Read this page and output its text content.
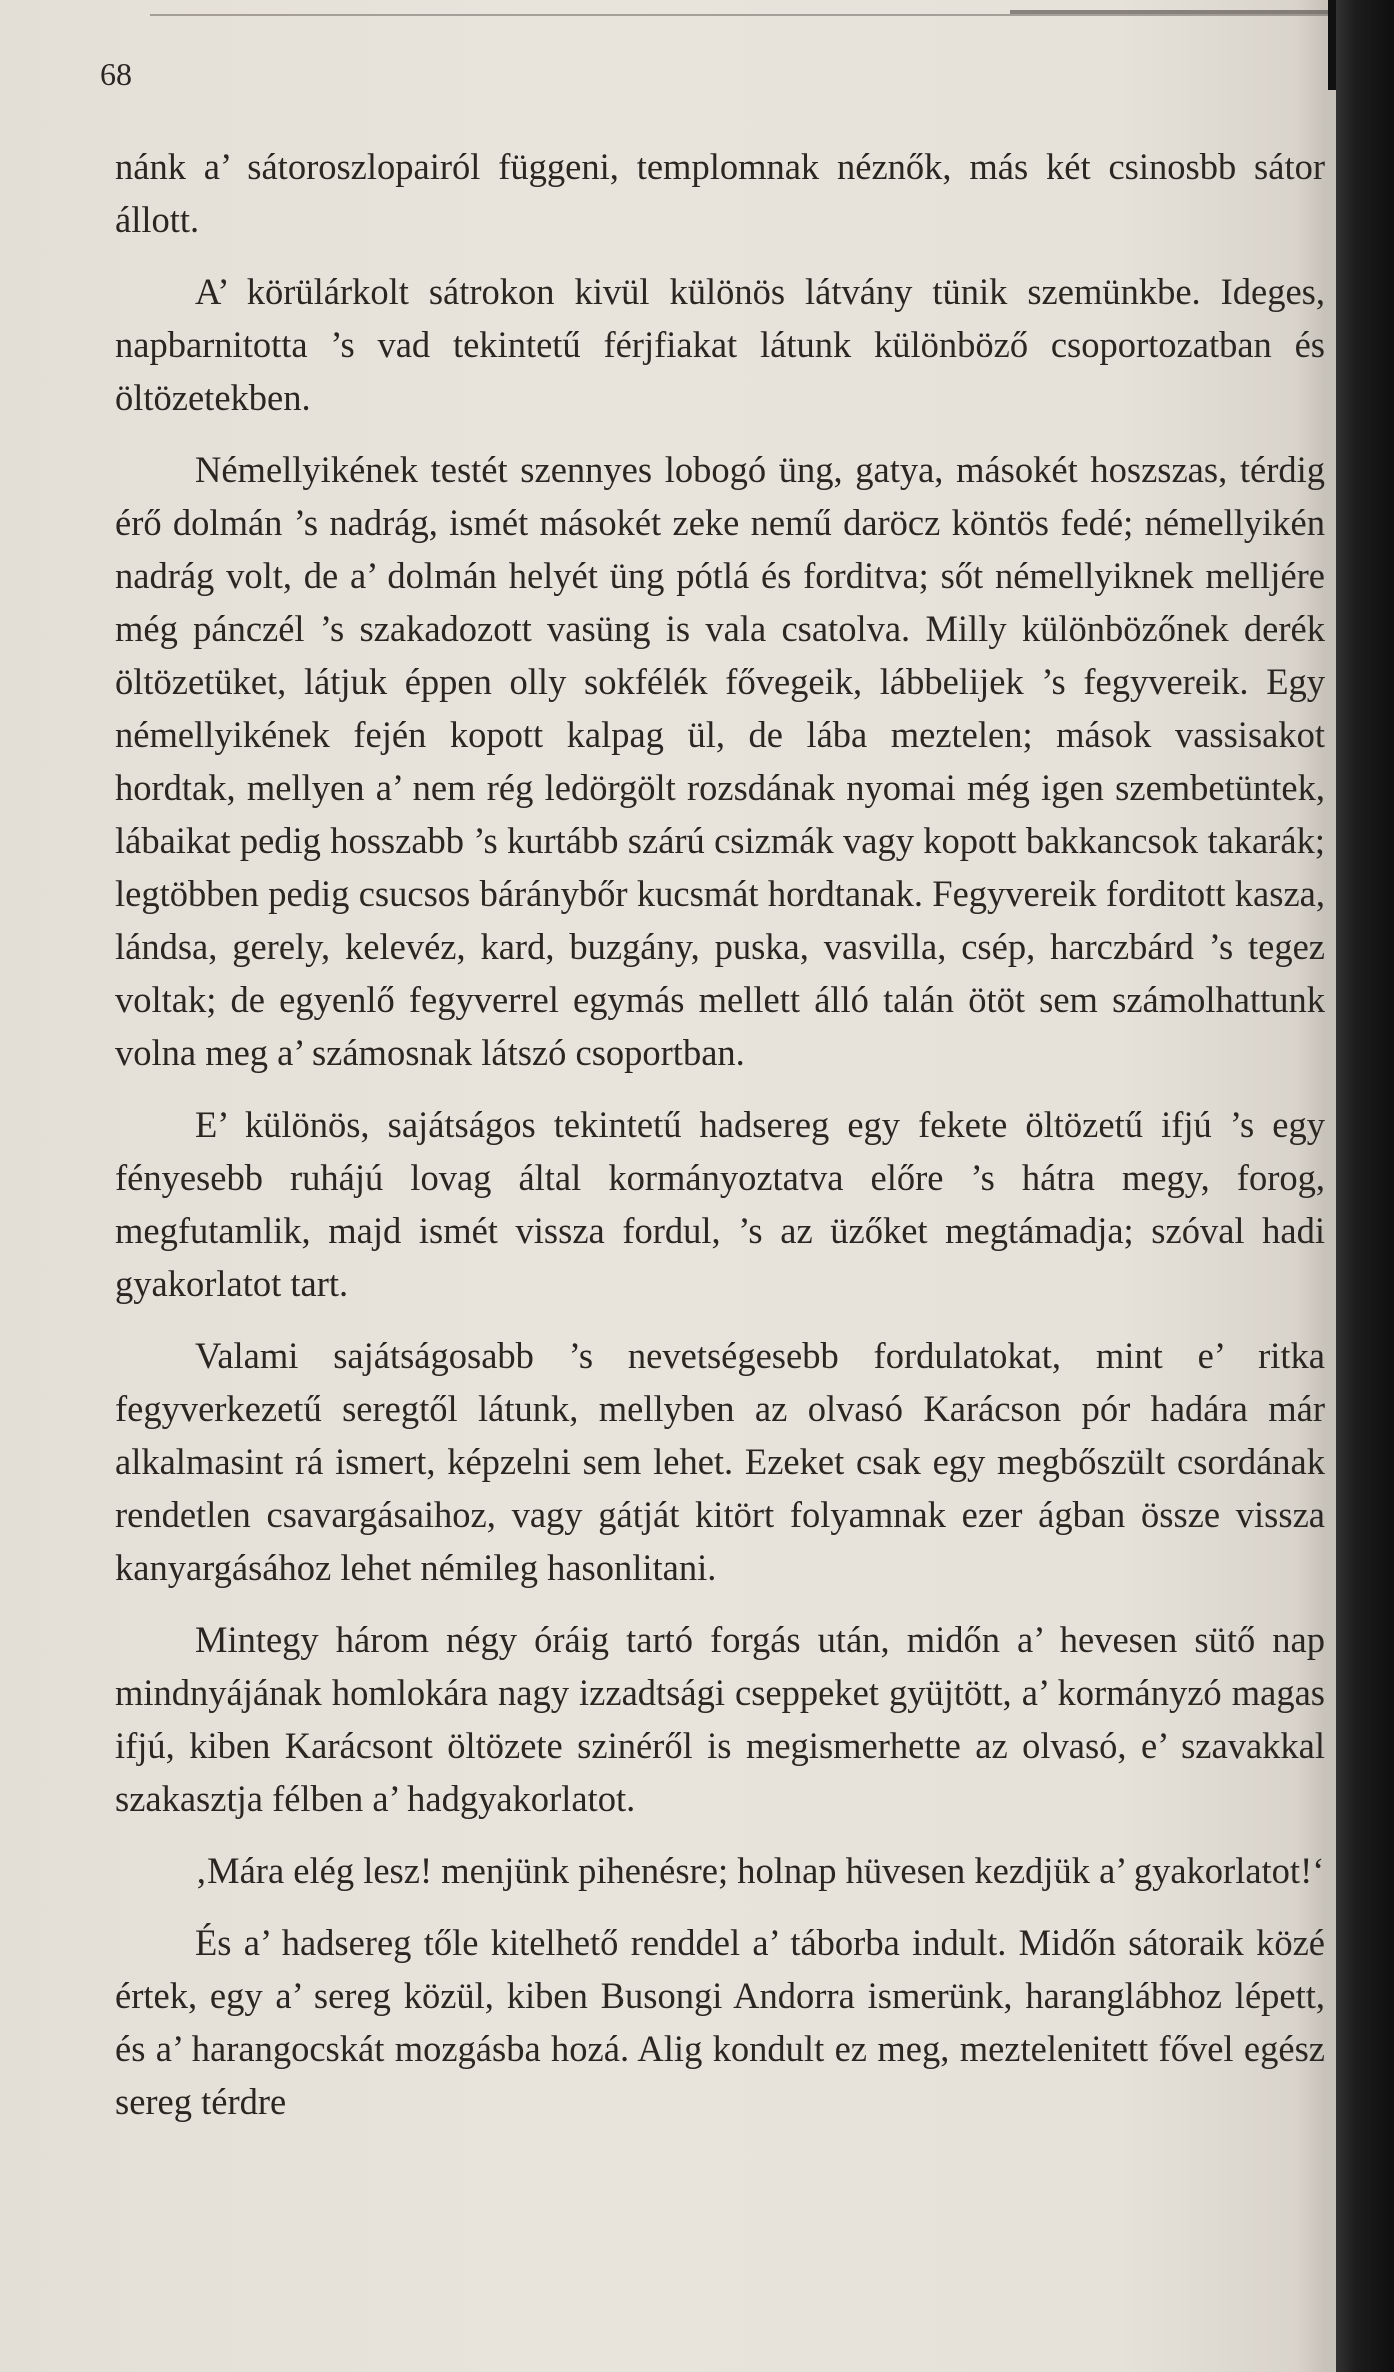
68

nánk a’ sátoroszlopairól függeni, templomnak néznők, más két csinosbb sátor állott.

A’ körülárkolt sátrokon kivül különös látvány tünik szemünkbe. Ideges, napbarnitotta ’s vad tekintetű férjfiakat látunk különböző csoportozatban és öltözetekben.

Némellyikének testét szennyes lobogó üng, gatya, másokét hoszszas, térdig érő dolmán ’s nadrág, ismét másokét zeke nemű daröcz köntös fedé; némellyikén nadrág volt, de a’ dolmán helyét üng pótlá és forditva; sőt némellyiknek melljére még pánczél ’s szakadozott vasüng is vala csatolva. Milly különbözőnek derék öltözetüket, látjuk éppen olly sokfélék fővegeik, lábbelijek ’s fegyvereik. Egy némellyikének fején kopott kalpag ül, de lába meztelen; mások vassisakot hordtak, mellyen a’ nem rég ledörgölt rozsdának nyomai még igen szembetüntek, lábaikat pedig hosszabb ’s kurtább szárú csizmák vagy kopott bakkancsok takarák; legtöbben pedig csucsos báránybőr kucsmát hordtanak. Fegyvereik forditott kasza, lándsa, gerely, kelevéz, kard, buzgány, puska, vasvilla, csép, harczbárd ’s tegez voltak; de egyenlő fegyverrel egymás mellett álló talán ötöt sem számolhattunk volna meg a’ számosnak látszó csoportban.

E’ különös, sajátságos tekintetű hadsereg egy fekete öltözetű ifjú ’s egy fényesebb ruhájú lovag által kormányoztatva előre ’s hátra megy, forog, megfutamlik, majd ismét vissza fordul, ’s az üzőket megtámadja; szóval hadi gyakorlatot tart.

Valami sajátságosabb ’s nevetségesebb fordulatokat, mint e’ ritka fegyverkezetű seregtől látunk, mellyben az olvasó Karácson pór hadára már alkalmasint rá ismert, képzelni sem lehet. Ezeket csak egy megbőszült csordának rendetlen csavargásaihoz, vagy gátját kitört folyamnak ezer ágban össze vissza kanyargásához lehet némileg hasonlitani.

Mintegy három négy óráig tartó forgás után, midőn a’ hevesen sütő nap mindnyájának homlokára nagy izzadtsági cseppeket gyüjtött, a’ kormányzó magas ifjú, kiben Karácsont öltözete szinéről is megismerhette az olvasó, e’ szavakkal szakasztja félben a’ hadgyakorlatot.

‚Mára elég lesz! menjünk pihenésre; holnap hüvesen kezdjük a’ gyakorlatot!‘

És a’ hadsereg tőle kitelhető renddel a’ táborba indult. Midőn sátoraik közé értek, egy a’ sereg közül, kiben Busongi Andorra ismerünk, haranglábhoz lépett, és a’ harangocskát mozgásba hozá. Alig kondult ez meg, meztelenitett fővel egész sereg térdre
